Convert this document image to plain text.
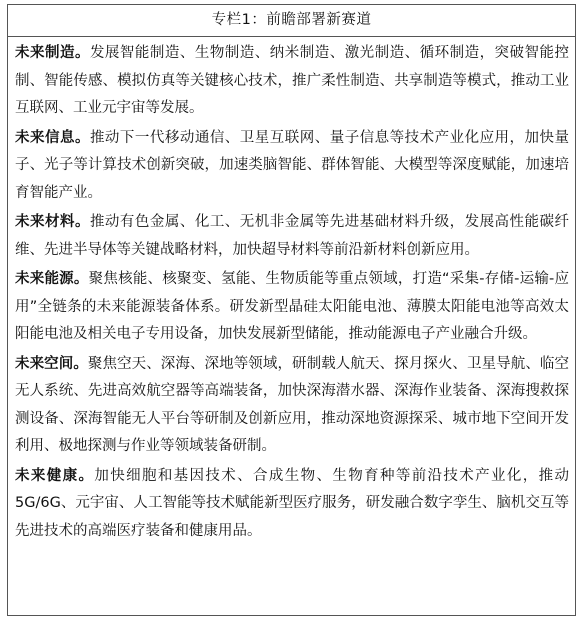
专栏1：前瞻部署新赛道

未来制造。发展智能制造、生物制造、纳米制造、激光制造、循环制造，突破智能控制、智能传感、模拟仿真等关键核心技术，推广柔性制造、共享制造等模式，推动工业互联网、工业元宇宙等发展。

未来信息。推动下一代移动通信、卫星互联网、量子信息等技术产业化应用，加快量子、光子等计算技术创新突破，加速类脑智能、群体智能、大模型等深度赋能，加速培育智能产业。

未来材料。推动有色金属、化工、无机非金属等先进基础材料升级，发展高性能碳纤维、先进半导体等关键战略材料，加快超导材料等前沿新材料创新应用。

未来能源。聚焦核能、核聚变、氢能、生物质能等重点领域，打造“采集-存储-运输-应用”全链条的未来能源装备体系。研发新型晶硅太阳能电池、薄膜太阳能电池等高效太阳能电池及相关电子专用设备，加快发展新型储能，推动能源电子产业融合升级。

未来空间。聚焦空天、深海、深地等领域，研制载人航天、探月探火、卫星导航、临空无人系统、先进高效航空器等高端装备，加快深海潜水器、深海作业装备、深海搜救探测设备、深海智能无人平台等研制及创新应用，推动深地资源探采、城市地下空间开发利用、极地探测与作业等领域装备研制。

未来健康。加快细胞和基因技术、合成生物、生物育种等前沿技术产业化，推动5G/6G、元宇宙、人工智能等技术赋能新型医疗服务，研发融合数字孪生、脑机交互等先进技术的高端医疗装备和健康用品。
